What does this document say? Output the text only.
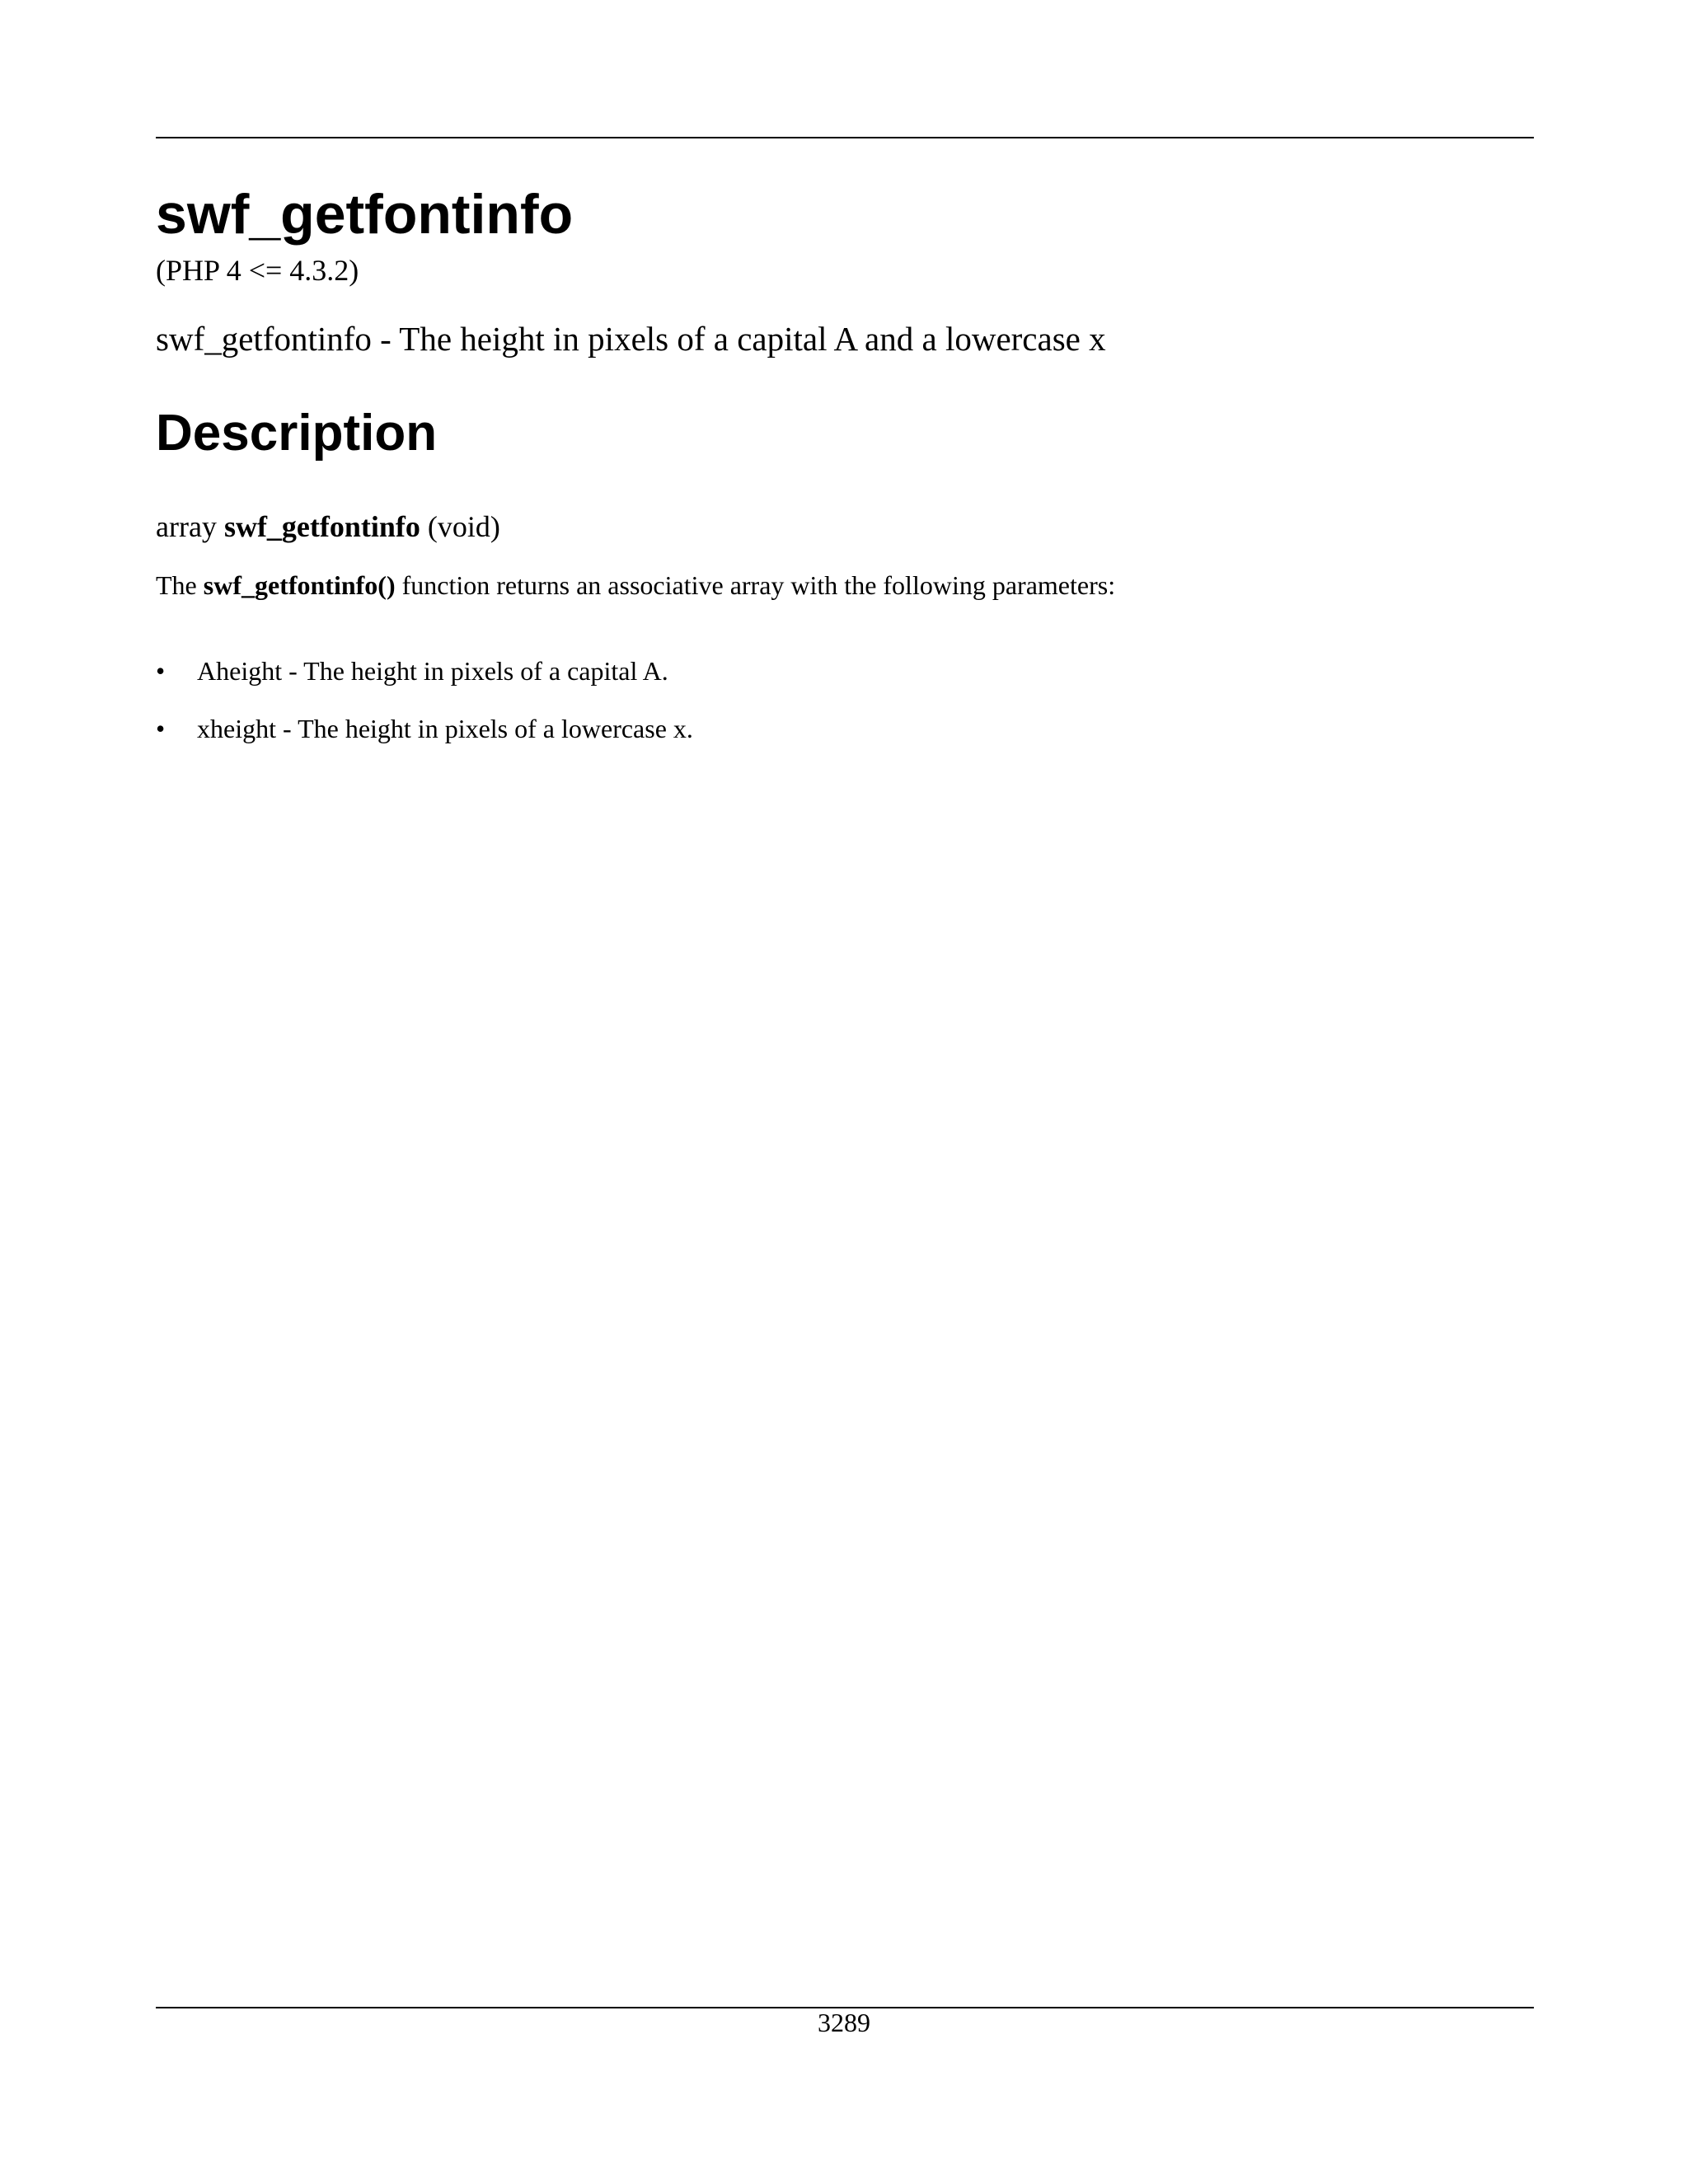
swf_getfontinfo
(PHP 4 <= 4.3.2)
swf_getfontinfo - The height in pixels of a capital A and a lowercase x
Description
array swf_getfontinfo (void)
The swf_getfontinfo() function returns an associative array with the following parameters:
• Aheight - The height in pixels of a capital A.
• xheight - The height in pixels of a lowercase x.
3289
